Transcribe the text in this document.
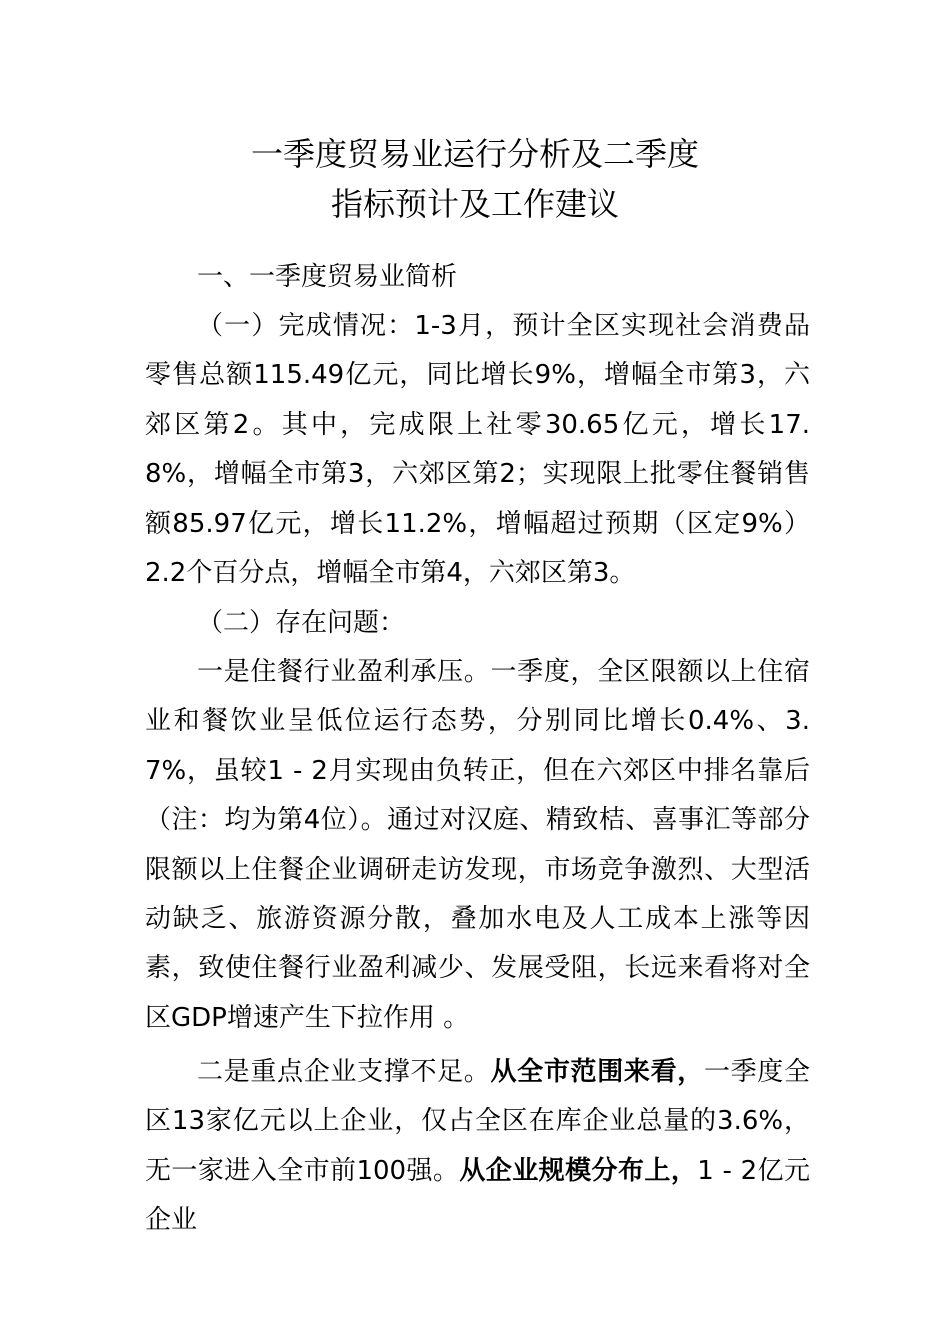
一季度贸易业运行分析及二季度
指标预计及工作建议
一、一季度贸易业简析
（一）完成情况：1-3月，预计全区实现社会消费品零售总额115.49亿元，同比增长9%，增幅全市第3，六郊区第2。其中，完成限上社零30.65亿元，增长17.8%，增幅全市第3，六郊区第2；实现限上批零住餐销售额85.97亿元，增长11.2%，增幅超过预期（区定9%）2.2个百分点，增幅全市第4，六郊区第3。
（二）存在问题：
一是住餐行业盈利承压。一季度，全区限额以上住宿业和餐饮业呈低位运行态势，分别同比增长0.4%、3.7%，虽较1 - 2月实现由负转正，但在六郊区中排名靠后（注：均为第4位）。通过对汉庭、精致桔、喜事汇等部分限额以上住餐企业调研走访发现，市场竞争激烈、大型活动缺乏、旅游资源分散，叠加水电及人工成本上涨等因素，致使住餐行业盈利减少、发展受阻，长远来看将对全区GDP增速产生下拉作用 。
二是重点企业支撑不足。从全市范围来看，一季度全区13家亿元以上企业，仅占全区在库企业总量的3.6%，无一家进入全市前100强。从企业规模分布上，1 - 2亿元企业
